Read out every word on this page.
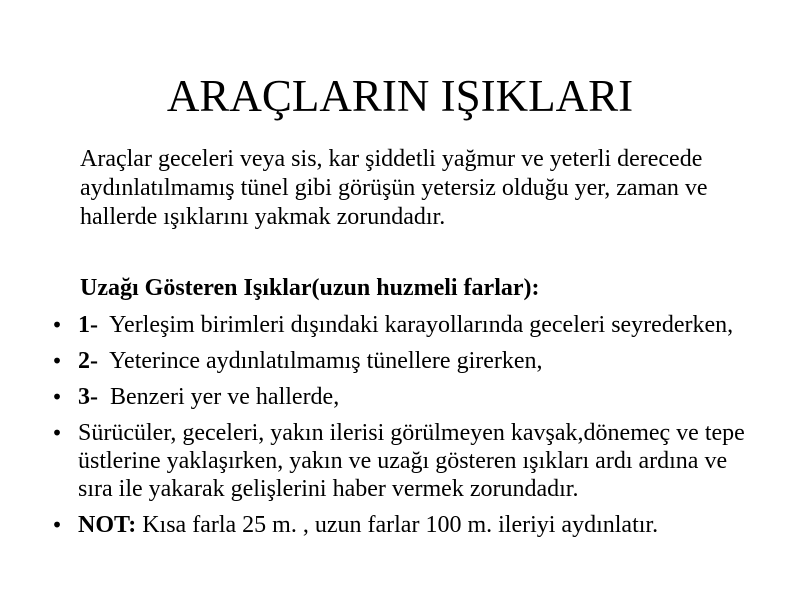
ARAÇLARIN IŞIKLARI

Araçlar geceleri veya sis, kar şiddetli yağmur ve yeterli derecede aydınlatılmamış tünel gibi görüşün yetersiz olduğu yer, zaman ve hallerde ışıklarını yakmak zorundadır.

Uzağı Gösteren Işıklar(uzun huzmeli farlar):

• 1- Yerleşim birimleri dışındaki karayollarında geceleri seyrederken,
• 2- Yeterince aydınlatılmamış tünellere girerken,
• 3- Benzeri yer ve hallerde,
• Sürücüler, geceleri, yakın ilerisi görülmeyen kavşak,dönemeç ve tepe üstlerine yaklaşırken, yakın ve uzağı gösteren ışıkları ardı ardına ve sıra ile yakarak gelişlerini haber vermek zorundadır.
• NOT: Kısa farla 25 m. , uzun farlar 100 m. ileriyi aydınlatır.
